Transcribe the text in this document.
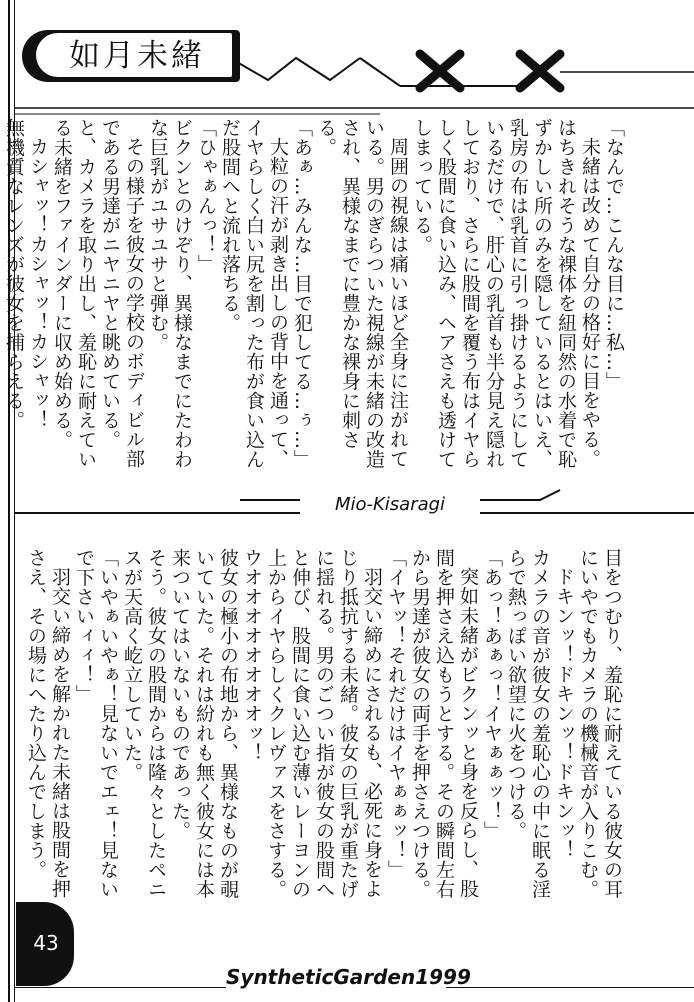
如月未緒

「なんで…こんな目に…私…」

未緒は改めて自分の格好に目をやる。はちきれそうな裸体を紐同然の水着で恥ずかしい所のみを隠しているとはいえ、乳房の布は乳首に引っ掛けるようにしているだけで、肝心の乳首も半分見え隠れしており、さらに股間を覆う布はイヤらしく股間に食い込み、ヘアさえも透けてしまっている。

周囲の視線は痛いほど全身に注がれている。男のぎらついた視線が未緒の改造され、異様なまでに豊かな裸身に刺さる。

「あぁ…みんな…目で犯してる…ぅ…」

大粒の汗が剥き出しの背中を通って、イヤらしく白い尻を割った布が食い込んだ股間へと流れ落ちる。

「ひゃぁんっ！」

ビクンとのけぞり、異様なまでにたわわな巨乳がユサユサと弾む。

その様子を彼女の学校のボディビル部である男達がニヤニヤと眺めている。と、カメラを取り出し、羞恥に耐えている未緒をファインダーに収め始める。

カシャッ！カシャッ！カシャッ！

無機質なレンズが彼女を捕らえる。

Mio-Kisaragi

目をつむり、羞恥に耐えている彼女の耳にいやでもカメラの機械音が入りこむ。

ドキンッ！ドキンッ！ドキンッ！

カメラの音が彼女の羞恥心の中に眠る淫らで熱っぽい欲望に火をつける。

「あっ！あぁっ！イヤぁぁッ！」

突如未緒がビクンッと身を反らし、股間を押さえ込もうとする。その瞬間左右から男達が彼女の両手を押さえつける。

「イヤッ！それだけはイヤぁぁッ！」

羽交い締めにされるも、必死に身をよじり抵抗する未緒。彼女の巨乳が重たげに揺れる。男のごつい指が彼女の股間へと伸び、股間に食い込む薄いレーヨンの上からイヤらしくクレヴァスをさする。

ウオオオオオオオオッ！

彼女の極小の布地から、異様なものが覗いていた。それは紛れも無く彼女には本来ついてはいないものであった。

そう。彼女の股間からは隆々としたペニスが天高く屹立していた。

「いやぁいやぁ！見ないでエェ！見ないで下さいィィ！」

羽交い締めを解かれた未緒は股間を押さえ、その場にへたり込んでしまう。

43
SyntheticGarden1999
